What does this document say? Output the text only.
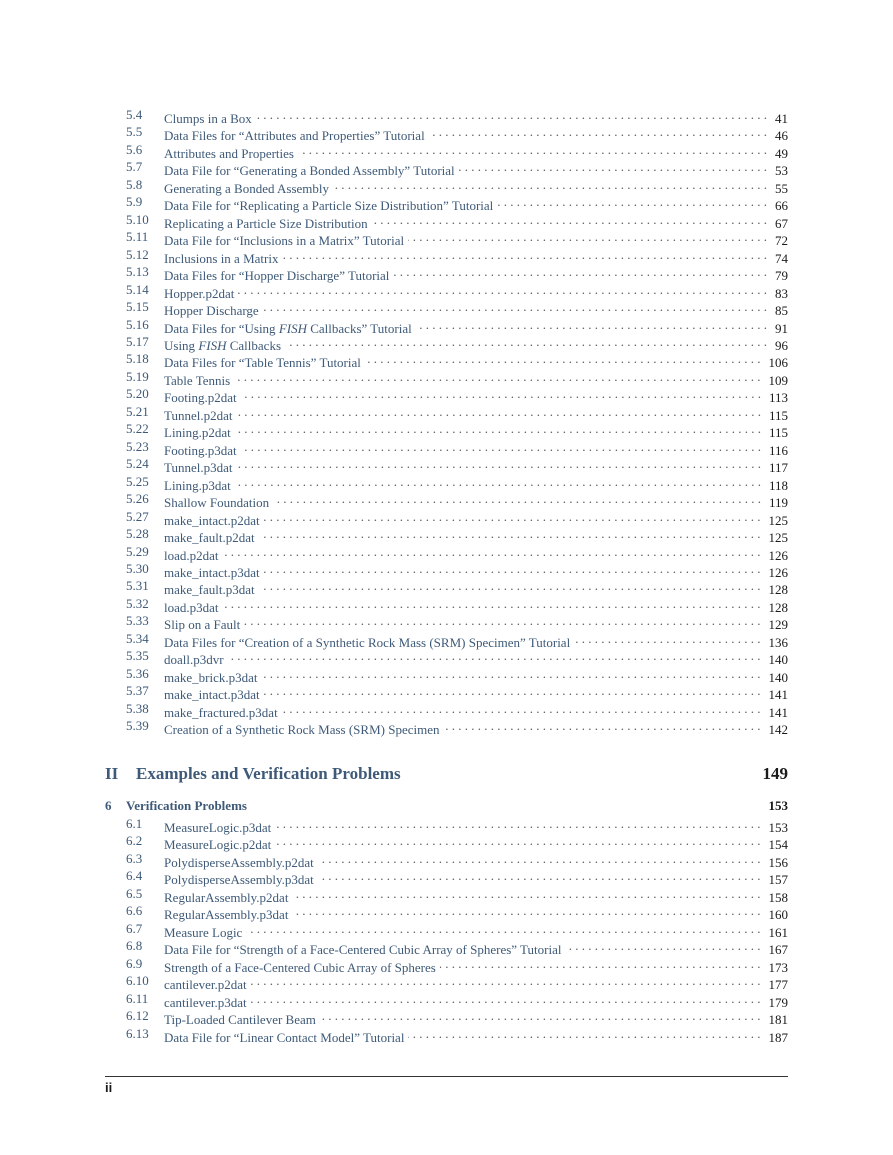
5.4 Clumps in a Box . . .	41
5.5 Data Files for “Attributes and Properties” Tutorial . . .	46
5.6 Attributes and Properties . . .	49
5.7 Data File for “Generating a Bonded Assembly” Tutorial . . .	53
5.8 Generating a Bonded Assembly . . .	55
5.9 Data File for “Replicating a Particle Size Distribution” Tutorial . . .	66
5.10 Replicating a Particle Size Distribution . . .	67
5.11 Data File for “Inclusions in a Matrix” Tutorial . . .	72
5.12 Inclusions in a Matrix . . .	74
5.13 Data Files for “Hopper Discharge” Tutorial . . .	79
5.14 Hopper.p2dat . . .	83
5.15 Hopper Discharge . . .	85
5.16 Data Files for “Using FISH Callbacks” Tutorial . . .	91
5.17 Using FISH Callbacks . . .	96
5.18 Data Files for “Table Tennis” Tutorial . . .	106
5.19 Table Tennis . . .	109
5.20 Footing.p2dat . . .	113
5.21 Tunnel.p2dat . . .	115
5.22 Lining.p2dat . . .	115
5.23 Footing.p3dat . . .	116
5.24 Tunnel.p3dat . . .	117
5.25 Lining.p3dat . . .	118
5.26 Shallow Foundation . . .	119
5.27 make_intact.p2dat . . .	125
5.28 make_fault.p2dat . . .	125
5.29 load.p2dat . . .	126
5.30 make_intact.p3dat . . .	126
5.31 make_fault.p3dat . . .	128
5.32 load.p3dat . . .	128
5.33 Slip on a Fault . . .	129
5.34 Data Files for “Creation of a Synthetic Rock Mass (SRM) Specimen” Tutorial . . .	136
5.35 doall.p3dvr . . .	140
5.36 make_brick.p3dat . . .	140
5.37 make_intact.p3dat . . .	141
5.38 make_fractured.p3dat . . .	141
5.39 Creation of a Synthetic Rock Mass (SRM) Specimen . . .	142
II Examples and Verification Problems	149
6 Verification Problems	153
6.1 MeasureLogic.p3dat . . .	153
6.2 MeasureLogic.p2dat . . .	154
6.3 PolydisperseAssembly.p2dat . . .	156
6.4 PolydisperseAssembly.p3dat . . .	157
6.5 RegularAssembly.p2dat . . .	158
6.6 RegularAssembly.p3dat . . .	160
6.7 Measure Logic . . .	161
6.8 Data File for “Strength of a Face-Centered Cubic Array of Spheres” Tutorial . . .	167
6.9 Strength of a Face-Centered Cubic Array of Spheres . . .	173
6.10 cantilever.p2dat . . .	177
6.11 cantilever.p3dat . . .	179
6.12 Tip-Loaded Cantilever Beam . . .	181
6.13 Data File for “Linear Contact Model” Tutorial . . .	187
ii
